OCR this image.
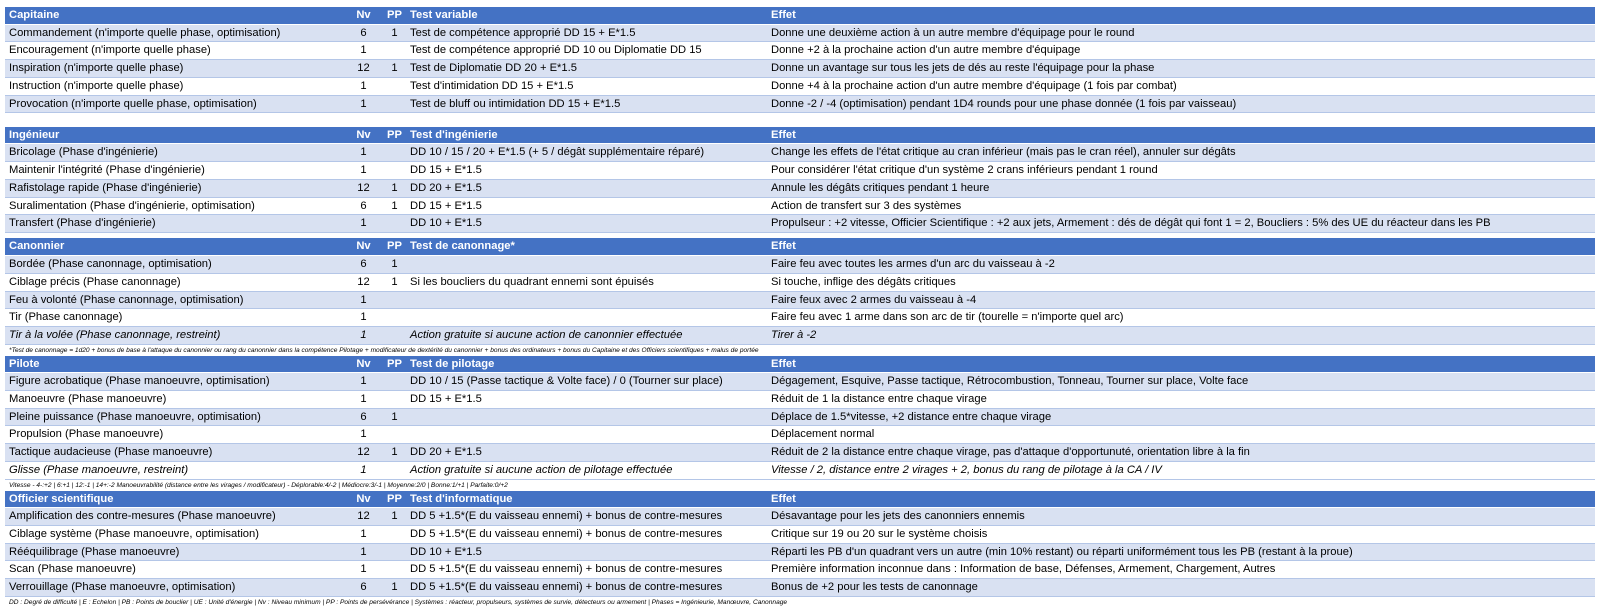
Capitaine	Nv	PP	Test variable	Effet
Commandement (n'importe quelle phase, optimisation)	6	1	Test de compétence approprié DD 15 + E*1.5	Donne une deuxième action à un autre membre d'équipage pour le round
Encouragement (n'importe quelle phase)	1		Test de compétence approprié DD 10 ou Diplomatie DD 15	Donne +2 à la prochaine action d'un autre membre d'équipage
Inspiration (n'importe quelle phase)	12	1	Test de Diplomatie DD 20 + E*1.5	Donne un avantage sur tous les jets de dés au reste l'équipage pour la phase
Instruction (n'importe quelle phase)	1		Test d'intimidation DD 15 + E*1.5	Donne +4 à la prochaine action d'un autre membre d'équipage (1 fois par combat)
Provocation (n'importe quelle phase, optimisation)	1		Test de bluff ou intimidation DD 15 + E*1.5	Donne -2 / -4 (optimisation) pendant 1D4 rounds pour une phase donnée (1 fois par vaisseau)

Ingénieur	Nv	PP	Test d'ingénierie	Effet
Bricolage (Phase d'ingénierie)	1		DD 10 / 15 / 20 + E*1.5 (+ 5 / dégât supplémentaire réparé)	Change les effets de l'état critique au cran inférieur (mais pas le cran réel), annuler sur dégâts
Maintenir l'intégrité (Phase d'ingénierie)	1		DD 15 + E*1.5	Pour considérer l'état critique d'un système 2 crans inférieurs pendant 1 round
Rafistolage rapide (Phase d'ingénierie)	12	1	DD 20 + E*1.5	Annule les dégâts critiques pendant 1 heure
Suralimentation (Phase d'ingénierie, optimisation)	6	1	DD 15 + E*1.5	Action de transfert sur 3 des systèmes
Transfert (Phase d'ingénierie)	1		DD 10 + E*1.5	Propulseur : +2 vitesse, Officier Scientifique : +2 aux jets, Armement : dés de dégât qui font 1 = 2, Boucliers : 5% des UE du réacteur dans les PB

Canonnier	Nv	PP	Test de canonnage*	Effet
Bordée (Phase canonnage, optimisation)	6	1		Faire feu avec toutes les armes d'un arc du vaisseau à -2
Ciblage précis (Phase canonnage)	12	1	Si les boucliers du quadrant ennemi sont épuisés	Si touche, inflige des dégâts critiques
Feu à volonté (Phase canonnage, optimisation)	1			Faire feux avec 2 armes du vaisseau à -4
Tir (Phase canonnage)	1			Faire feu avec 1 arme dans son arc de tir (tourelle = n'importe quel arc)
Tir à la volée (Phase canonnage, restreint)	1		Action gratuite si aucune action de canonnier effectuée	Tirer à -2
*Test de canonnage = 1d20 + bonus de base à l'attaque du canonnier ou rang du canonnier dans la compétence Pilotage + modificateur de dextérité du canonnier + bonus des ordinateurs + bonus du Capitaine et des Officiers scientifiques + malus de portée				
Pilote	Nv	PP	Test de pilotage	Effet
Figure acrobatique (Phase manoeuvre, optimisation)	1		DD 10 / 15 (Passe tactique & Volte face) / 0 (Tourner sur place)	Dégagement, Esquive, Passe tactique, Rétrocombustion, Tonneau, Tourner sur place, Volte face
Manoeuvre (Phase manoeuvre)	1		DD 15 + E*1.5	Réduit de 1 la distance entre chaque virage
Pleine puissance (Phase manoeuvre, optimisation)	6	1		Déplace de 1.5*vitesse, +2 distance entre chaque virage
Propulsion (Phase manoeuvre)	1			Déplacement normal
Tactique audacieuse (Phase manoeuvre)	12	1	DD 20 + E*1.5	Réduit de 2 la distance entre chaque virage, pas d'attaque d'opportunuté, orientation libre à la fin
Glisse (Phase manoeuvre, restreint)	1		Action gratuite si aucune action de pilotage effectuée	Vitesse / 2, distance entre 2 virages + 2, bonus du rang de pilotage à la CA / IV
Vitesse - 4-:+2 | 6:+1 | 12:-1 | 14+:-2 Manoeuvrabilité (distance entre les virages / modificateur) - Déplorable:4/-2 | Médiocre:3/-1 | Moyenne:2/0 | Bonne:1/+1 | Parfaite:0/+2				
Officier scientifique	Nv	PP	Test d'informatique	Effet
Amplification des contre-mesures (Phase manoeuvre)	12	1	DD 5 +1.5*(E du vaisseau ennemi) + bonus de contre-mesures	Désavantage pour les jets des canonniers ennemis
Ciblage système (Phase manoeuvre, optimisation)	1		DD 5 +1.5*(E du vaisseau ennemi) + bonus de contre-mesures	Critique sur 19 ou 20 sur le système choisis
Rééquilibrage (Phase manoeuvre)	1		DD 10 + E*1.5	Réparti les PB d'un quadrant vers un autre (min 10% restant) ou réparti uniformément tous les PB (restant à la proue)
Scan (Phase manoeuvre)	1		DD 5 +1.5*(E du vaisseau ennemi) + bonus de contre-mesures	Première information inconnue dans : Information de base, Défenses, Armement, Chargement, Autres
Verrouillage (Phase manoeuvre, optimisation)	6	1	DD 5 +1.5*(E du vaisseau ennemi) + bonus de contre-mesures	Bonus de +2 pour les tests de canonnage
DD : Degré de difficulté | E : Echelon | PB : Points de bouclier | UE : Unité d'énergie | Nv : Niveau minimum | PP : Points de persévérance | Systèmes : réacteur, propulseurs, systèmes de survie, détecteurs ou armement | Phases = Ingénieurie, Manœuvre, Canonnage				
